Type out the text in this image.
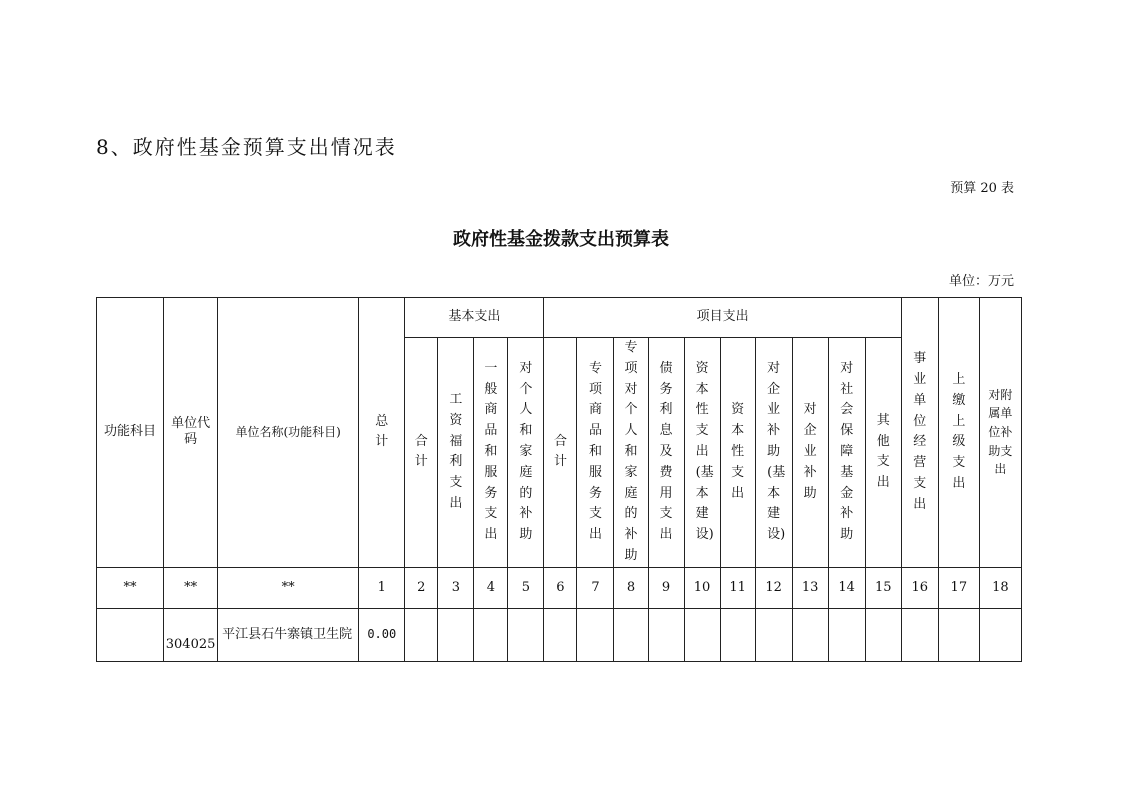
8、政府性基金预算支出情况表
预算 20 表
政府性基金拨款支出预算表
单位：万元
功能科目	单位代码	单位名称(功能科目)	总计	基本支出				项目支出										事业单位经营支出	上缴上级支出	对附属单位补助支出
				合计	工资福利支出	一般商品和服务支出	对个人和家庭的补助	合计	专项商品和服务支出	专项对个人和家庭的补助	债务利息及费用支出	资本性支出(基本建设)	资本性支出	对企业补助(基本建设)	对企业补助	对社会保障基金补助	其他支出			
**	**	**	1	2	3	4	5	6	7	8	9	10	11	12	13	14	15	16	17	18
	304025	平江县石牛寨镇卫生院	0.00																	
